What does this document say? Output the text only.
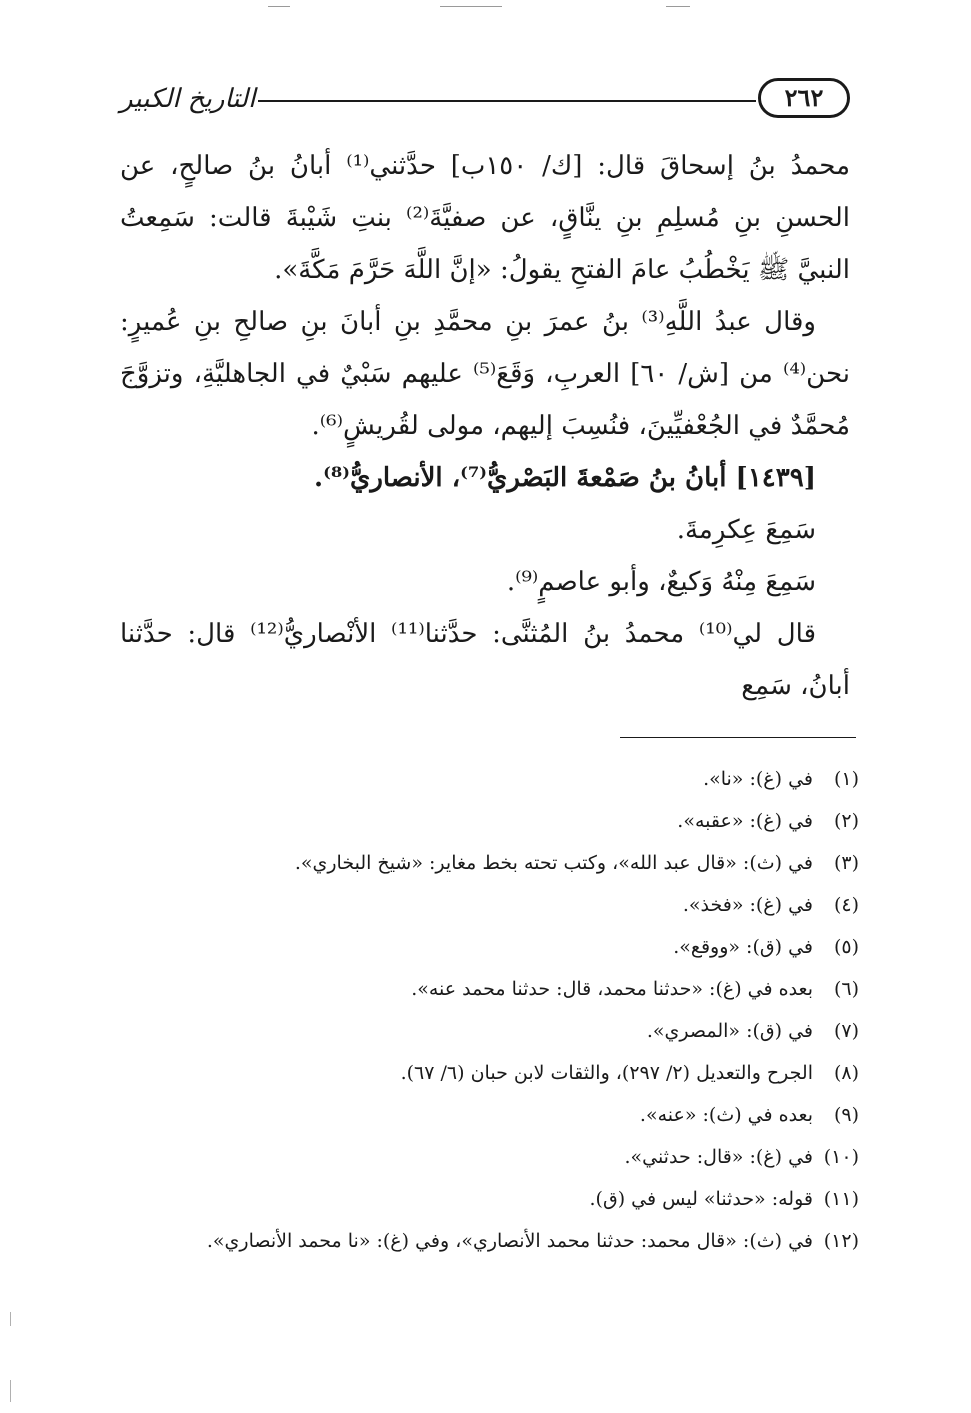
٢٦٢
التاريخ الكبير

محمدُ بنُ إسحاقَ قال: [ك/ ١٥٠ب] حدَّثني⁽¹⁾ أبانُ بنُ صالحٍ، عن الحسنِ بنِ مُسلِمِ بنِ ينَّاقٍ، عن صفيَّةَ⁽²⁾ بنتِ شَيْبةَ قالت: سَمِعتُ النبيَّ ﷺ يَخْطُبُ عامَ الفتحِ يقولُ: «إنَّ اللَّهَ حَرَّمَ مَكَّةَ».

وقال عبدُ اللَّهِ⁽³⁾ بنُ عمرَ بنِ محمَّدِ بنِ أبانَ بنِ صالحِ بنِ عُميرٍ: نحن⁽⁴⁾ من [ش/ ٦٠] العربِ، وَقَعَ⁽⁵⁾ عليهم سَبْيٌ في الجاهليَّةِ، وتزوَّجَ مُحمَّدٌ في الجُعْفيِّينَ، فنُسِبَ إليهم، مولى لقُريشٍ⁽⁶⁾.

[١٤٣٩] أبانُ بنُ صَمْعةَ البَصْريُّ⁽⁷⁾، الأنصاريُّ⁽⁸⁾.

سَمِعَ عِكرِمةَ.

سَمِعَ مِنْهُ وَكيعٌ، وأبو عاصمٍ⁽⁹⁾.

قال لي⁽¹⁰⁾ محمدُ بنُ المُثنَّى: حدَّثنا⁽¹¹⁾ الأنْصاريُّ⁽¹²⁾ قال: حدَّثنا أبانُ، سَمِع

(١)في (غ): «نا».
(٢)في (غ): «عقبه».
(٣)في (ث): «قال عبد الله»، وكتب تحته بخط مغاير: «شيخ البخاري».
(٤)في (غ): «فخذ».
(٥)في (ق): «ووقع».
(٦)بعده في (غ): «حدثنا محمد، قال: حدثنا محمد عنه».
(٧)في (ق): «المصري».
(٨)الجرح والتعديل (٢/ ٢٩٧)، والثقات لابن حبان (٦/ ٦٧).
(٩)بعده في (ث): «عنه».
(١٠)في (غ): «قال: حدثني».
(١١)قوله: «حدثنا» ليس في (ق).
(١٢)في (ث): «قال محمد: حدثنا محمد الأنصاري»، وفي (غ): «نا محمد الأنصاري».
